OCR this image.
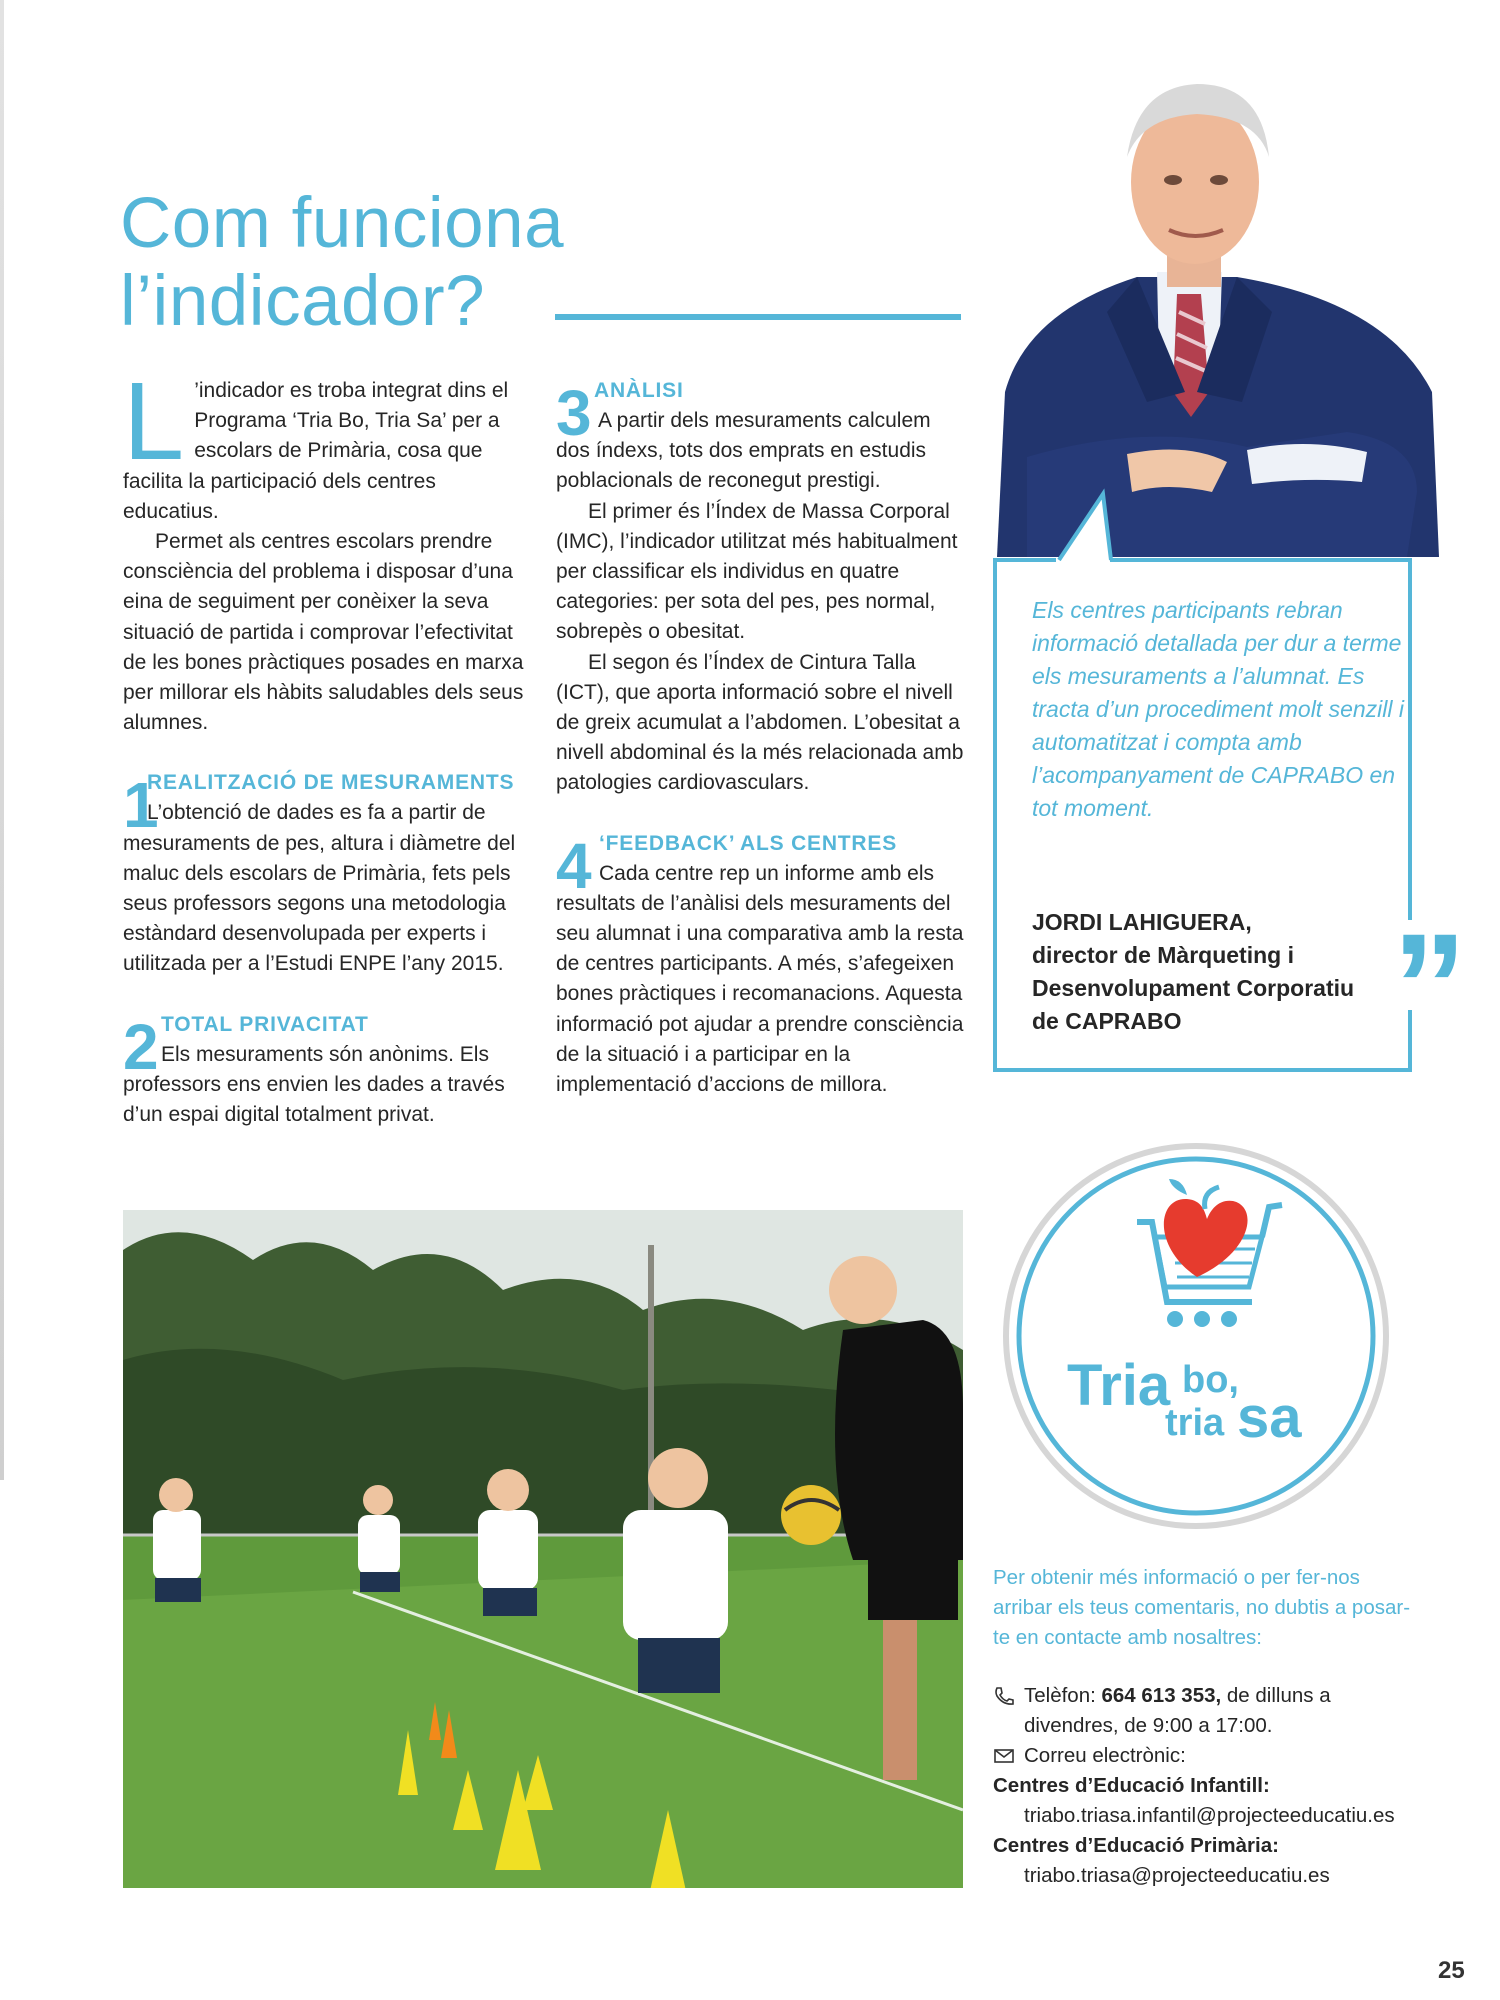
Com funciona
l’indicador?

L ’indicador es troba integrat dins el Programa ‘Tria Bo, Tria Sa’ per a escolars de Primària, cosa que facilita la participació dels centres educatius.

Permet als centres escolars prendre consciència del problema i disposar d’una eina de seguiment per conèixer la seva situació de partida i comprovar l’efectivitat de les bones pràctiques posades en marxa per millorar els hàbits saludables dels seus alumnes.

1

REALITZACIÓ DE MESURAMENTS

L’obtenció de dades es fa a partir de mesuraments de pes, altura i diàmetre del maluc dels escolars de Primària, fets pels seus professors segons una metodologia estàndard desenvolupada per experts i utilitzada per a l’Estudi ENPE l’any 2015.

2 TOTAL PRIVACITAT

Els mesuraments són anònims. Els professors ens envien les dades a través d’un espai digital totalment privat.

3 ANÀLISI

A partir dels mesuraments calculem dos índexs, tots dos emprats en estudis poblacionals de reconegut prestigi.

El primer és l’Índex de Massa Corporal (IMC), l’indicador utilitzat més habitualment per classificar els individus en quatre categories: per sota del pes, pes normal, sobrepès o obesitat.

El segon és l’Índex de Cintura Talla (ICT), que aporta informació sobre el nivell de greix acumulat a l’abdomen. L’obesitat a nivell abdominal és la més relacionada amb patologies cardiovasculars.

4 ‘FEEDBACK’ ALS CENTRES

Cada centre rep un informe amb els resultats de l’anàlisi dels mesuraments del seu alumnat i una comparativa amb la resta de centres participants. A més, s’afegeixen bones pràctiques i recomanacions. Aquesta informació pot ajudar a prendre consciència de la situació i a participar en la implementació d’accions de millora.

Els centres participants rebran informació detallada per dur a terme els mesuraments a l’alumnat. Es tracta d’un procediment molt senzill i automatitzat i compta amb l’acompanyament de CAPRABO en tot moment.

JORDI LAHIGUERA,
director de Màrqueting i Desenvolupament Corporatiu de CAPRABO	”
Tria bo,
tria sa

Per obtenir més informació o per fer-nos arribar els teus comentaris, no dubtis a posar-te en contacte amb nosaltres:

Telèfon: 664 613 353, de dilluns a divendres, de 9:00 a 17:00.

Correu electrònic:

Centres d’Educació Infantill:

triabo.triasa.infantil@projecteeducatiu.es

Centres d’Educació Primària:

triabo.triasa@projecteeducatiu.es

25
